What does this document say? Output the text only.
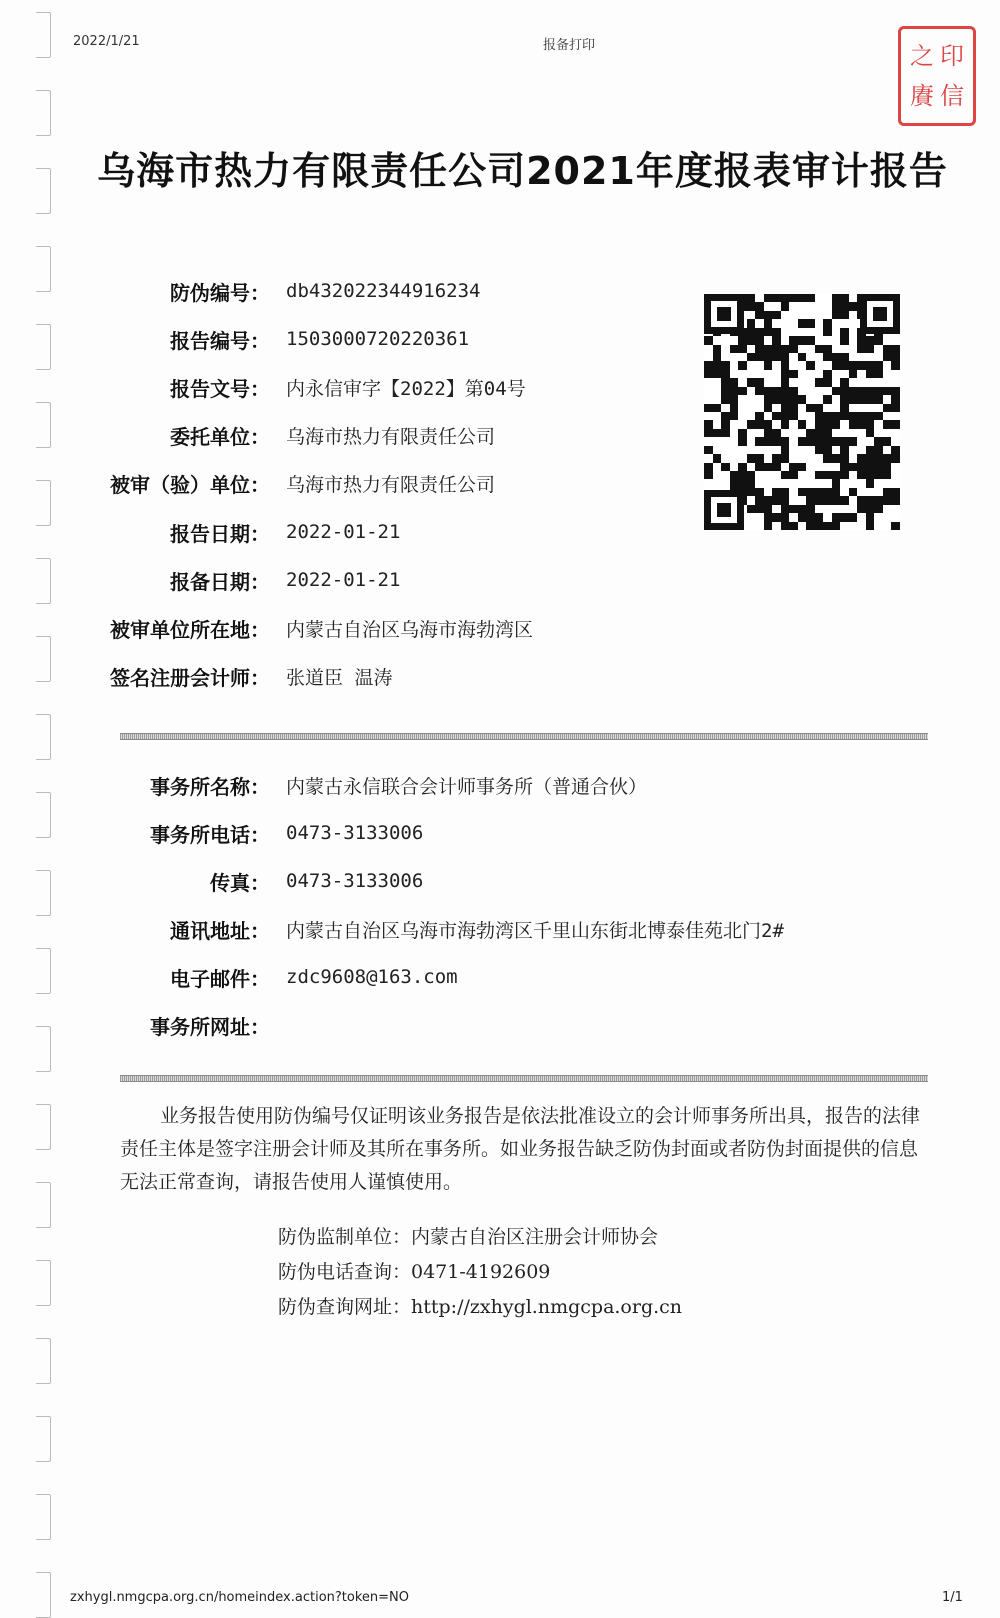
2022/1/21	报备打印	之 印
賡 信
乌海市热力有限责任公司2021年度报表审计报告
防伪编号： db432022344916234
报告编号： 1503000720220361
报告文号： 内永信审字【2022】第04号
委托单位： 乌海市热力有限责任公司
被审（验）单位： 乌海市热力有限责任公司
报告日期： 2022-01-21
报备日期： 2022-01-21
被审单位所在地： 内蒙古自治区乌海市海勃湾区
签名注册会计师： 张道臣 温涛
事务所名称： 内蒙古永信联合会计师事务所（普通合伙）
事务所电话： 0473-3133006
传真： 0473-3133006
通讯地址： 内蒙古自治区乌海市海勃湾区千里山东街北博泰佳苑北门2#
电子邮件： zdc9608@163.com
事务所网址：
业务报告使用防伪编号仅证明该业务报告是依法批准设立的会计师事务所出具，报告的法律责任主体是签字注册会计师及其所在事务所。如业务报告缺乏防伪封面或者防伪封面提供的信息无法正常查询，请报告使用人谨慎使用。
防伪监制单位：内蒙古自治区注册会计师协会
防伪电话查询：0471-4192609
防伪查询网址：http://zxhygl.nmgcpa.org.cn
zxhygl.nmgcpa.org.cn/homeindex.action?token=NO	1/1
